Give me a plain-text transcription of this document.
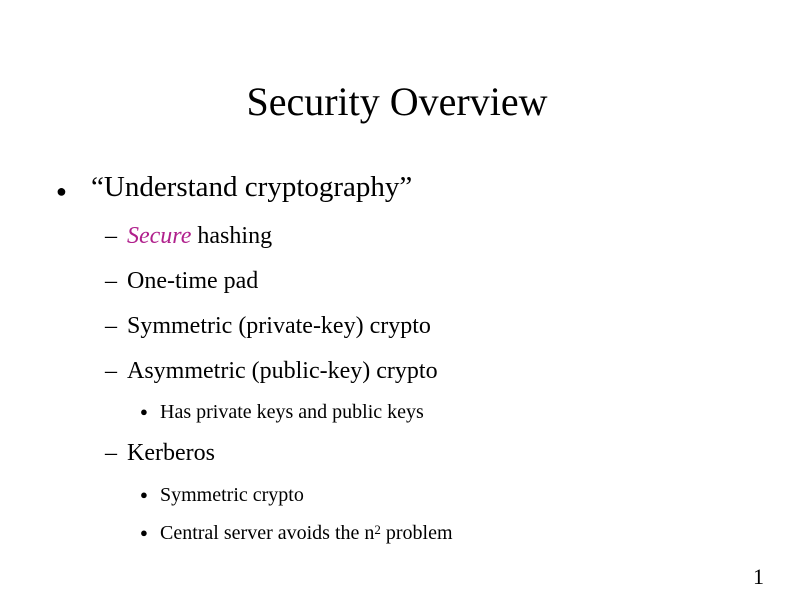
Security Overview
● “Understand cryptography”
– Secure hashing
– One-time pad
– Symmetric (private-key) crypto
– Asymmetric (public-key) crypto
● Has private keys and public keys
– Kerberos
● Symmetric crypto
● Central server avoids the $n^2$ problem
1
